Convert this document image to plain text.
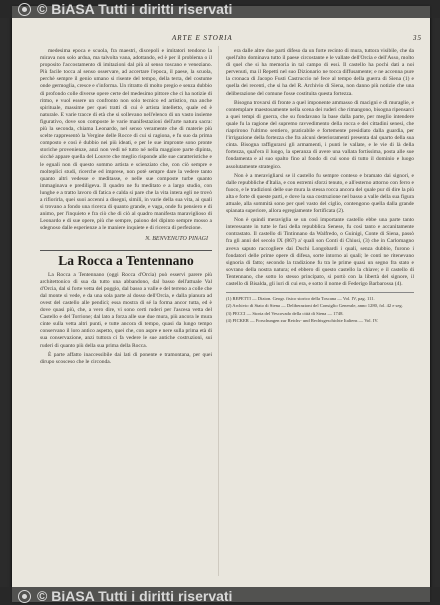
ARTE E STORIA	35

medesima epoca e scuola, fra maestri, discepoli e imitatori tendono la mirava non solo ardua, ma talvolta vana, adottando, ed è per il problema o il proposito l'accostamento di imitazioni dal più al senso toscano e veneziano. Più facile tocca al senso osservare, ad accertare l'epoca, il paese, la scuola, perchè sempre il genio umano si risente del tempo, della terra, del costume onde germoglia, cresce e s'informa. Un ritratto di molto pregio e senza dubbio di profondo colle diverse opere certe del medesimo pittore che ci ha notizie di ritmo, e vuol essere un confronto non solo tecnico ed artistico, ma anche spirituale, massime per quei tratti di cui è artista intelletto, quale ed è naturale. E varie tracce di età che si sollevano nell'elenco di un vasto insieme figurativo, dove son composte le varie manifestazioni dell'arte natura sacra: più la seconda, chiama Leonardo, nel senso veramente che di materie più scelte rappresentò la Vergine delle Rocce di cui si ragiona, e fu suo da prima composto e così è dubbio nei più ideati, e per le sue impronte sono pronte storiche provenienze, anzi non vedi né tutto né nella maggiore parte dipinta, sicché appare quella del Louvre che meglio risponde alle sue caratteristiche e le eguali non di questo sommo artista e scienziato che, con ciò sempre e molteplici studi, ricerche ed imprese, non potè sempre dare la vedere tanto quanto altri vedesse e meditasse, e nelle sue composte turbe quanto immaginava e prediligeva. Il quadro ne fu meditato e a largo studio, con lunghe e a tratto lavoro di fatica e calda si pare che la vita intera egli ne trovò a rifiorirla, quei suoi accenni a disegni, simili, in varie della sua vita, ai quali si trovano a fondo una ricerca di quanto grande, e vaga, onde fu pensiero e di animo, per l'inquieto e fra ciò che di ciò al quadro manifesta maraviglioso di Leonardo e di sue opere, più che sempre, paiono del dipinto sempre mosso a sdegnoso dalle esperienze a le maniere inquiete e di ricerca di perfezione.

N. BENVENUTO PINAGI
La Rocca a Tentennano

La Rocca a Tentennano (oggi Rocca d'Orcia) può esservi parere più architettonico di sua da tutto una abbandono, dal basso dell'attuale Val d'Orcia, dal sì forte vetta del poggio, dal basso a valle e del terreno a colle che dal monte si vede, e da una sola parte al dosso dell'Orcia, e dalla pianura ad ovest del castello alle pendici; essa mostra di sé la forma ancor tutta, ed è dove quasi più, che, a vero dire, vi sono certi ruderi per l'ascesa vetta del Castello e del Torrione; dal lato a forza alle sue due mura, più ancora le mura cinte sulla vetta altri punti, e tutte ancora di tempo, quasi da lungo tempo conservano il loro antico aspetto, quei che, con aspre e nere sulla prima età di sua conservazione, anzi tuttora ci fa vedere le sue antiche costruzioni, sui ruderi di quanto più della sua prima della Rocca.

È parte affatto inaccessibile dai lati di ponente e tramontana, per quei dirupo scosceso che le circonda.

era dalle altre due parti difeso da un forte recinto di mura, tuttora visibile, che da quell'alto dominava tutto il paese circostante e le vallate dell'Orcia e dell'Asso, molto di quel che si ha memoria in tal campo di essi. Il castello ha pochi dati a noi pervenuti, ma il Repetti nel suo Dizionario ne tocca diffusamente; e ne accenna pure la cronaca di Jacopo Fusti Castruccio né fece al tempo della guerra di Siena (1) e quella dei recenti, che si ha del R. Archivio di Siena, non danno più notizie che una deliberazione del comune fosse costituita questa fortezza.

Bisogna trovarsi di fronte a quel imponente ammasso di macigni e di muraglie, e contemplare maestosamente nella scena dei ruderi che rimangono, bisogna ripensarci a quei tempi di guerra, che su fondavano la base dalla parte, per meglio intendere quale fu la ragione del supremo ravvedimento della rocca e dei cittadini senesi, che riaprirono l'ultimo sentiero, praticabile e fortemente presidiato dalla guardia, per l'irrigazione della fortezza che fra alcuni deterioramenti presenta dal quarto della sua cinta. Bisogna raffigurarsi gli armamenti, i punti le vallate, e le vie di là della fortezza, qual'era il luogo, la speranza di avere una vallata fortissima, posta alle sue fondamenta e al suo spalto fino al fondo di cui sono di tutto il dominio e luogo assolutamente strategico.

Non è a meravigliarsi se il castello fu sempre conteso e bramato dai signori, e dalle repubbliche d'Italia, e con estremi sforzi tenuto, e all'esterno attorno con ferro e fuoco, e le tradizioni delle sue mura la stessa rocca ancora del quale pur di dire la più alta e forte di queste parti, e dove la sua costruzione nel basso a valle della sua figura attuale, alla sommità sono per quel vasto del ciglio, contengono quella dalla grande spianata superiore, allora egregiamente fortificata (2).

Non è quindi meraviglia se un così importante castello ebbe una parte tanto interessante in tutte le fasi della repubblica Senese, fu così tanto e accanitamente contrastato. Il castello di Tintinnano da Walfredo, o Guinigi, Conte di Siena, passò fra gli anni del secolo IX (867) a' quali son Conti di Chiusi, (3) che in Carlomagno aveva saputo raccogliere dai Duchi Longobardi i quali, senza dubbio, furono i fondatori delle prime opere di difesa, sorte intorno ai quali; le conti ne ritenevano signoria di fatto; secondo la tradizione fu tra le prime quasi un segno fra stato e sovrano della nostra natura; ed ebbero di questo castello la chiave; e il castello di Tentennano, che sotto lo stesso principato, si portò con la libertà del signore, il castello di Bisalda, gli iuri di cui era, e sotto il nome di Federigo Barbarossa (4).

(1) REPETTI — Dizion. Geogr. fisico storico della Toscana — Vol. IV, pag. 111.
(2) Archivio di Stato di Siena — Deliberazioni del Consiglio Generale, anno 1280, fol. 42 e seg.
(3) PECCI — Storia del Vescovado della città di Siena — 1748.
(4) FICKER — Forschungen zur Reichs- und Rechtsgeschichte Italiens — Vol. IV.
© BiASA Tutti i diritti riservati
© BiASA Tutti i diritti riservati
